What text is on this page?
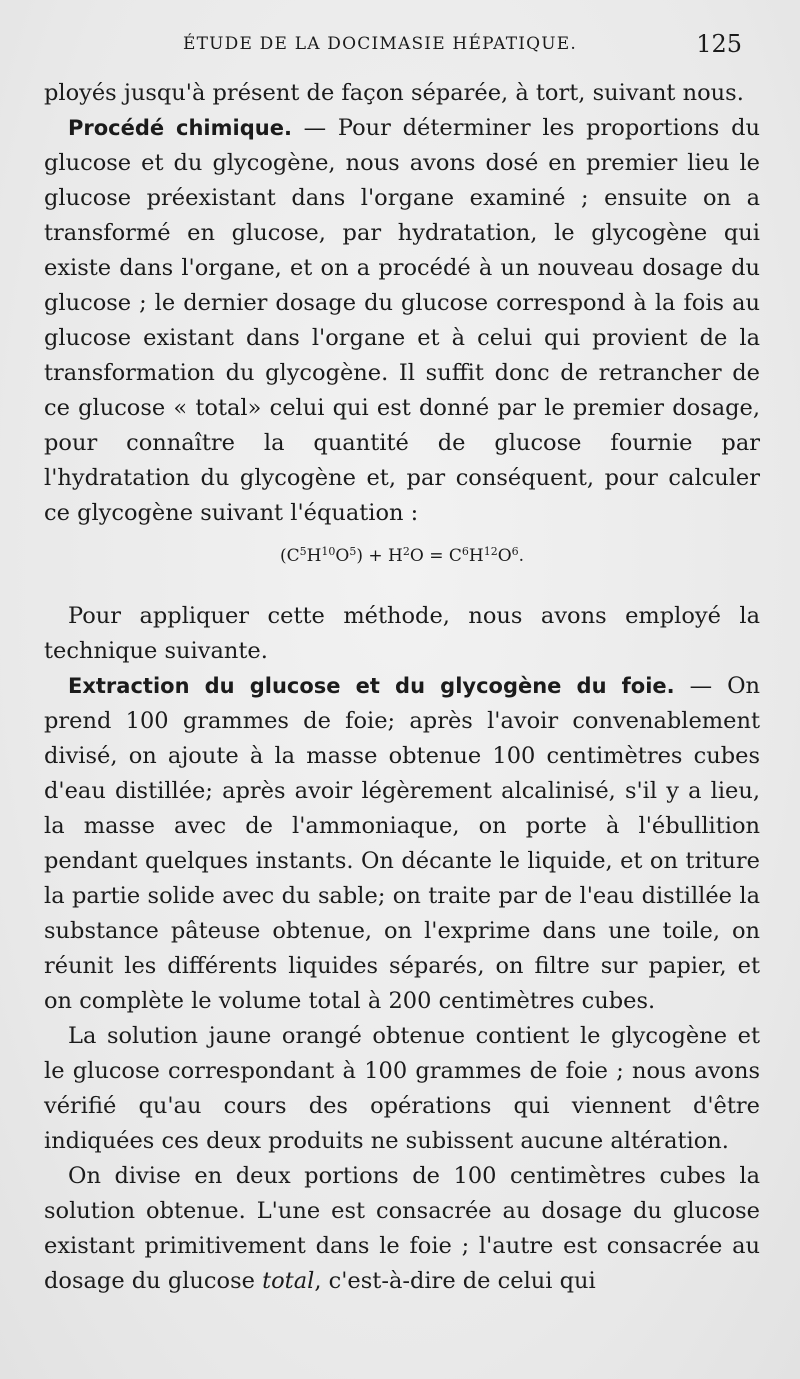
ÉTUDE DE LA DOCIMASIE HÉPATIQUE.	125

ployés jusqu'à présent de façon séparée, à tort, suivant nous.

Procédé chimique. — Pour déterminer les proportions du glucose et du glycogène, nous avons dosé en premier lieu le glucose préexistant dans l'organe examiné ; ensuite on a transformé en glucose, par hydratation, le glycogène qui existe dans l'organe, et on a procédé à un nouveau dosage du glucose ; le dernier dosage du glucose correspond à la fois au glucose existant dans l'organe et à celui qui provient de la transformation du glycogène. Il suffit donc de retrancher de ce glucose « total» celui qui est donné par le premier dosage, pour connaître la quantité de glucose fournie par l'hydratation du glycogène et, par conséquent, pour calculer ce glycogène suivant l'équation :

$(C^5H^{10}O^5) + H^2O = C^6H^{12}O^6$.

Pour appliquer cette méthode, nous avons employé la technique suivante.

Extraction du glucose et du glycogène du foie. — On prend 100 grammes de foie; après l'avoir convenablement divisé, on ajoute à la masse obtenue 100 centimètres cubes d'eau distillée; après avoir légèrement alcalinisé, s'il y a lieu, la masse avec de l'ammoniaque, on porte à l'ébullition pendant quelques instants. On décante le liquide, et on triture la partie solide avec du sable; on traite par de l'eau distillée la substance pâteuse obtenue, on l'exprime dans une toile, on réunit les différents liquides séparés, on filtre sur papier, et on complète le volume total à 200 centimètres cubes.

La solution jaune orangé obtenue contient le glycogène et le glucose correspondant à 100 grammes de foie ; nous avons vérifié qu'au cours des opérations qui viennent d'être indiquées ces deux produits ne subissent aucune altération.

On divise en deux portions de 100 centimètres cubes la solution obtenue. L'une est consacrée au dosage du glucose existant primitivement dans le foie ; l'autre est consacrée au dosage du glucose total, c'est-à-dire de celui qui
